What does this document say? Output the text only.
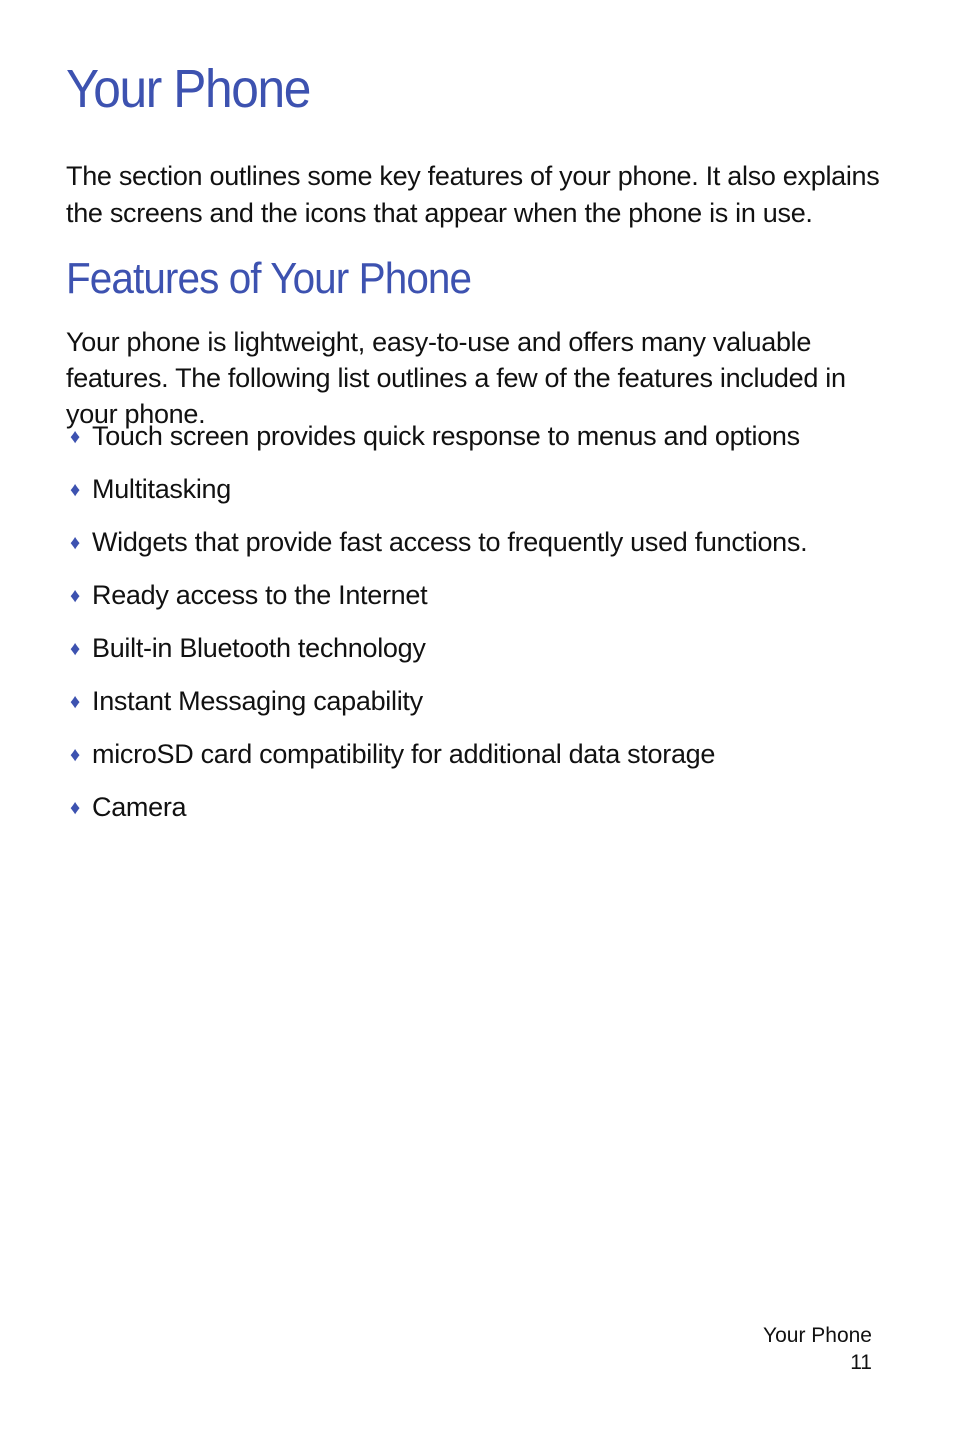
Your Phone

The section outlines some key features of your phone. It also explains the screens and the icons that appear when the phone is in use.

Features of Your Phone

Your phone is lightweight, easy-to-use and offers many valuable features. The following list outlines a few of the features included in your phone.

♦ Touch screen provides quick response to menus and options
♦ Multitasking
♦ Widgets that provide fast access to frequently used functions.
♦ Ready access to the Internet
♦ Built-in Bluetooth technology
♦ Instant Messaging capability
♦ microSD card compatibility for additional data storage
♦ Camera
Your Phone
11
